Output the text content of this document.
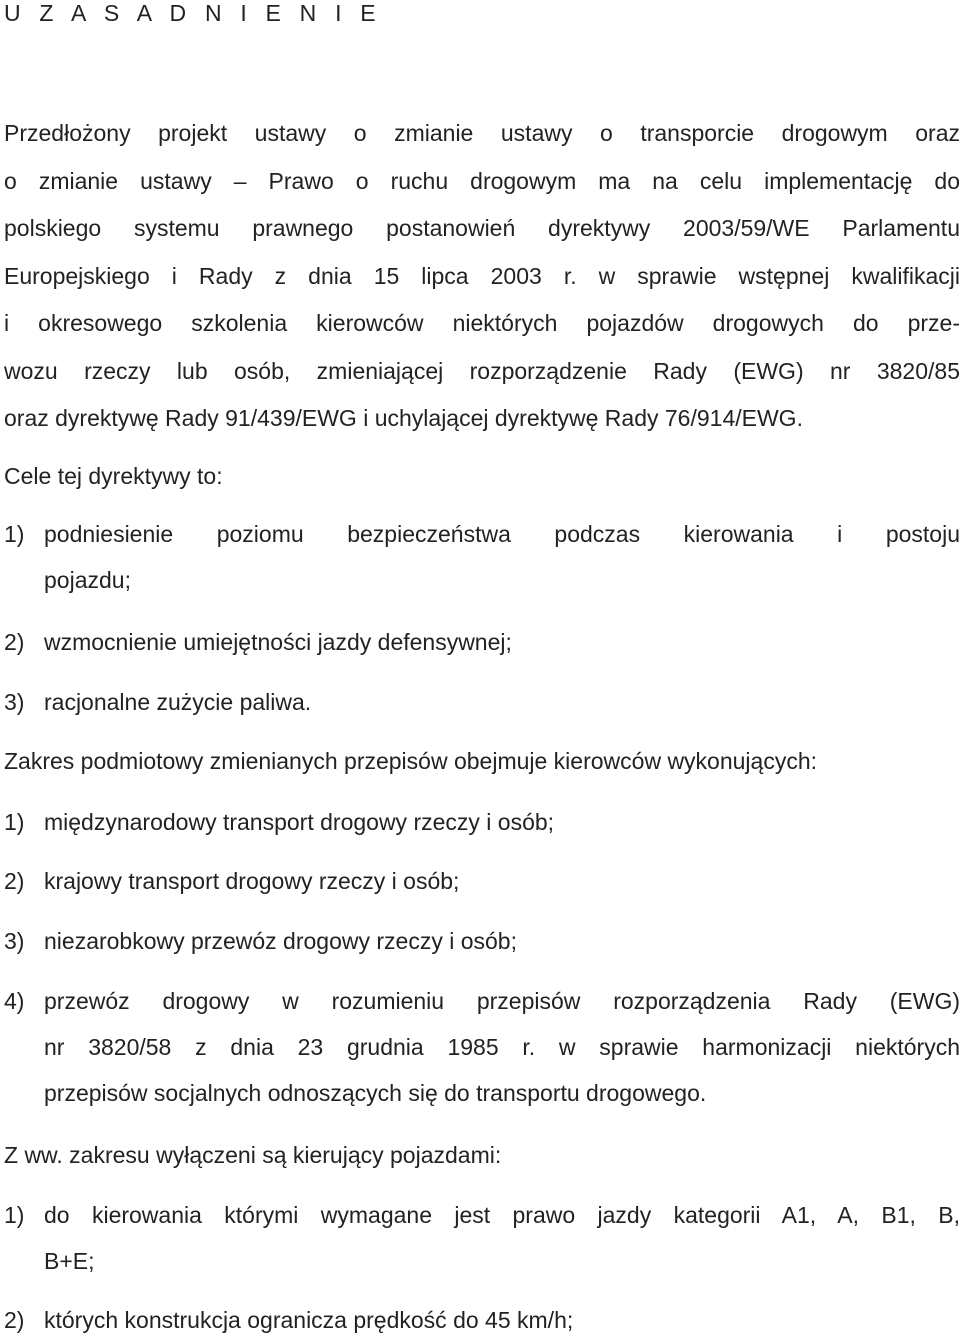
U Z A S A D N I E N I E
Przedłożony projekt ustawy o zmianie ustawy o transporcie drogowym oraz
o zmianie ustawy – Prawo o ruchu drogowym ma na celu implementację do
polskiego systemu prawnego postanowień dyrektywy 2003/59/WE Parlamentu
Europejskiego i Rady z dnia 15 lipca 2003 r. w sprawie wstępnej kwalifikacji
i okresowego szkolenia kierowców niektórych pojazdów drogowych do prze-
wozu rzeczy lub osób, zmieniającej rozporządzenie Rady (EWG) nr 3820/85
oraz dyrektywę Rady 91/439/EWG i uchylającej dyrektywę Rady 76/914/EWG.
Cele tej dyrektywy to:
1) podniesienie poziomu bezpieczeństwa podczas kierowania i postoju
pojazdu;
2) wzmocnienie umiejętności jazdy defensywnej;
3) racjonalne zużycie paliwa.
Zakres podmiotowy zmienianych przepisów obejmuje kierowców wykonujących:
1) międzynarodowy transport drogowy rzeczy i osób;
2) krajowy transport drogowy rzeczy i osób;
3) niezarobkowy przewóz drogowy rzeczy i osób;
4) przewóz drogowy w rozumieniu przepisów rozporządzenia Rady (EWG)
nr 3820/58 z dnia 23 grudnia 1985 r. w sprawie harmonizacji niektórych
przepisów socjalnych odnoszących się do transportu drogowego.
Z ww. zakresu wyłączeni są kierujący pojazdami:
1) do kierowania którymi wymagane jest prawo jazdy kategorii A1, A, B1, B,
B+E;
2) których konstrukcja ogranicza prędkość do 45 km/h;
